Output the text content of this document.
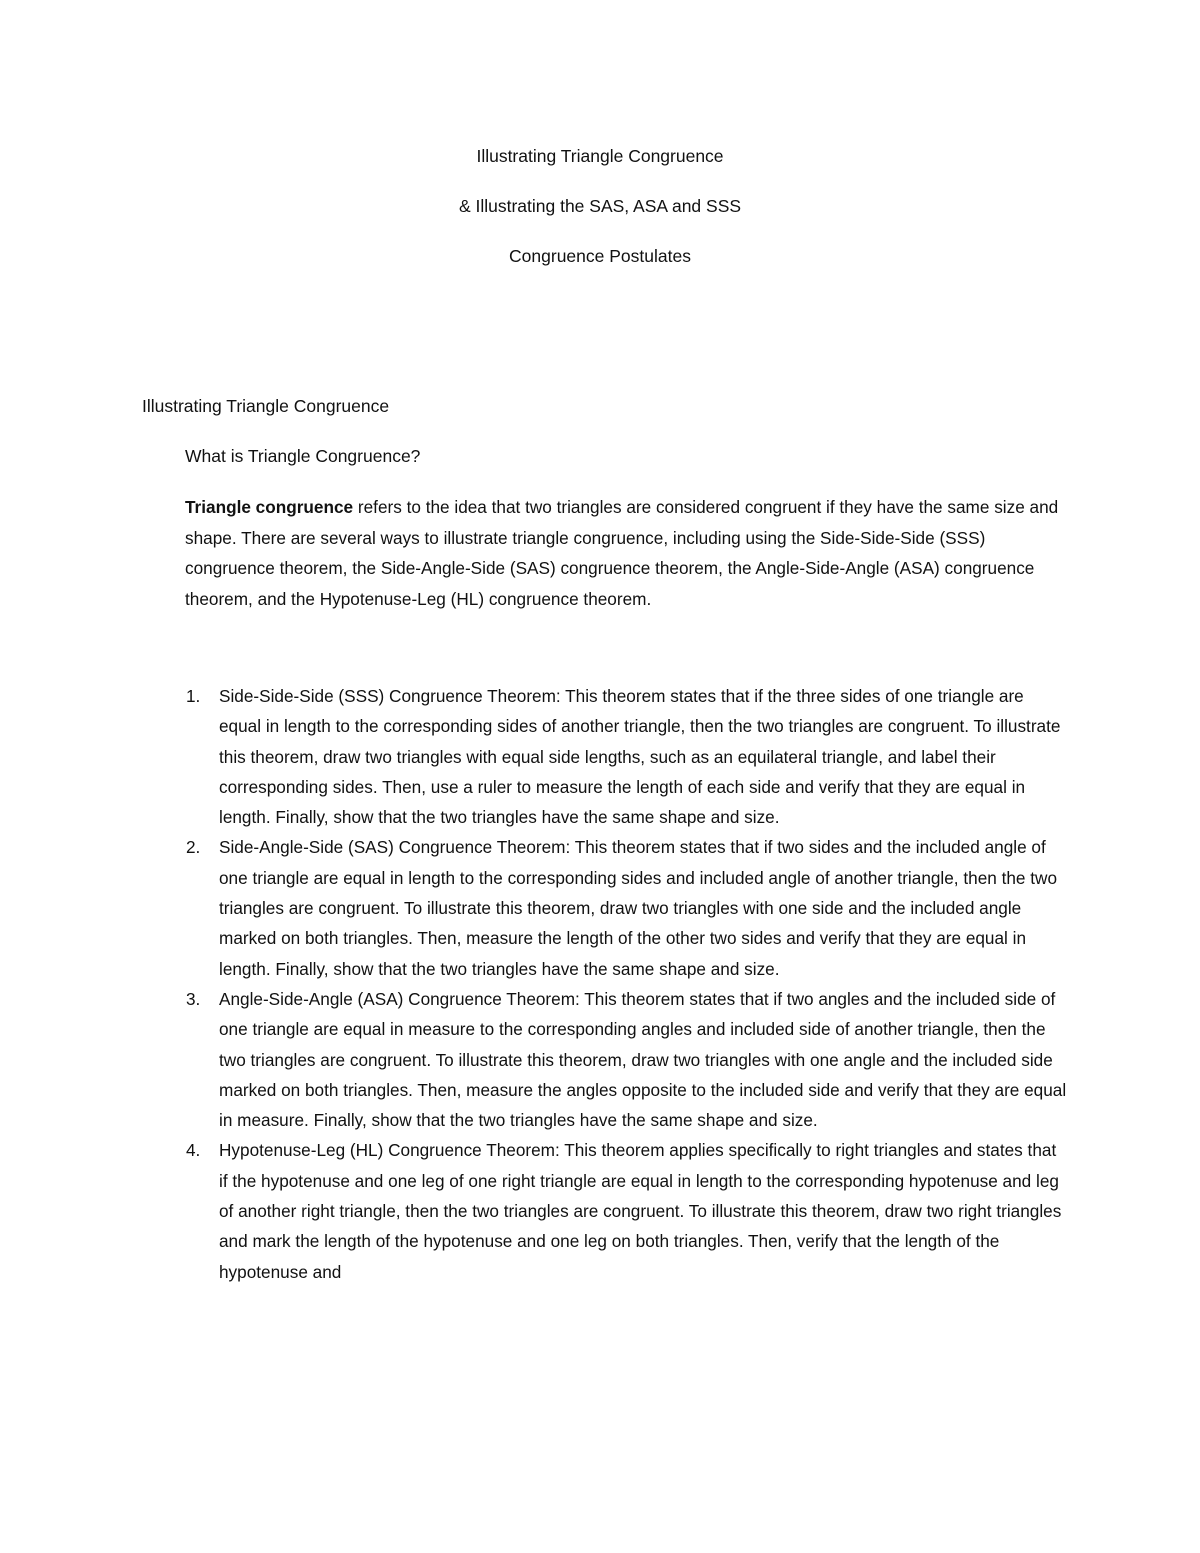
Illustrating Triangle Congruence
& Illustrating the SAS, ASA and SSS
Congruence Postulates
Illustrating Triangle Congruence
What is Triangle Congruence?

Triangle congruence refers to the idea that two triangles are considered congruent if they have the same size and shape. There are several ways to illustrate triangle congruence, including using the Side-Side-Side (SSS) congruence theorem, the Side-Angle-Side (SAS) congruence theorem, the Angle-Side-Angle (ASA) congruence theorem, and the Hypotenuse-Leg (HL) congruence theorem.

1. Side-Side-Side (SSS) Congruence Theorem: This theorem states that if the three sides of one triangle are equal in length to the corresponding sides of another triangle, then the two triangles are congruent. To illustrate this theorem, draw two triangles with equal side lengths, such as an equilateral triangle, and label their corresponding sides. Then, use a ruler to measure the length of each side and verify that they are equal in length. Finally, show that the two triangles have the same shape and size.
2. Side-Angle-Side (SAS) Congruence Theorem: This theorem states that if two sides and the included angle of one triangle are equal in length to the corresponding sides and included angle of another triangle, then the two triangles are congruent. To illustrate this theorem, draw two triangles with one side and the included angle marked on both triangles. Then, measure the length of the other two sides and verify that they are equal in length. Finally, show that the two triangles have the same shape and size.
3. Angle-Side-Angle (ASA) Congruence Theorem: This theorem states that if two angles and the included side of one triangle are equal in measure to the corresponding angles and included side of another triangle, then the two triangles are congruent. To illustrate this theorem, draw two triangles with one angle and the included side marked on both triangles. Then, measure the angles opposite to the included side and verify that they are equal in measure. Finally, show that the two triangles have the same shape and size.
4. Hypotenuse-Leg (HL) Congruence Theorem: This theorem applies specifically to right triangles and states that if the hypotenuse and one leg of one right triangle are equal in length to the corresponding hypotenuse and leg of another right triangle, then the two triangles are congruent. To illustrate this theorem, draw two right triangles and mark the length of the hypotenuse and one leg on both triangles. Then, verify that the length of the hypotenuse and
